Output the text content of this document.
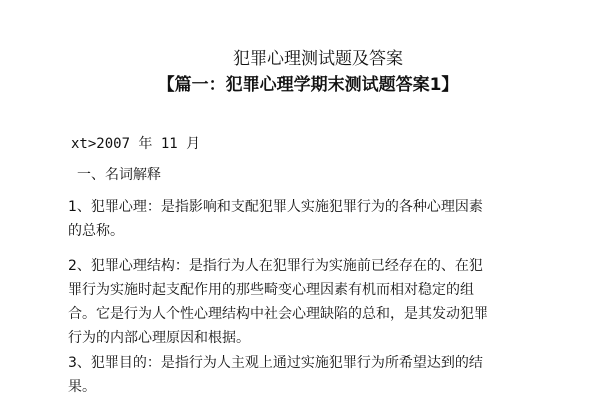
犯罪心理测试题及答案
【篇一：犯罪心理学期末测试题答案1】
xt>2007 年 11 月
一、名词解释

1、犯罪心理：是指影响和支配犯罪人实施犯罪行为的各种心理因素
的总称。

2、犯罪心理结构：是指行为人在犯罪行为实施前已经存在的、在犯
罪行为实施时起支配作用的那些畸变心理因素有机而相对稳定的组
合。它是行为人个性心理结构中社会心理缺陷的总和，是其发动犯罪
行为的内部心理原因和根据。

3、犯罪目的：是指行为人主观上通过实施犯罪行为所希望达到的结
果。
